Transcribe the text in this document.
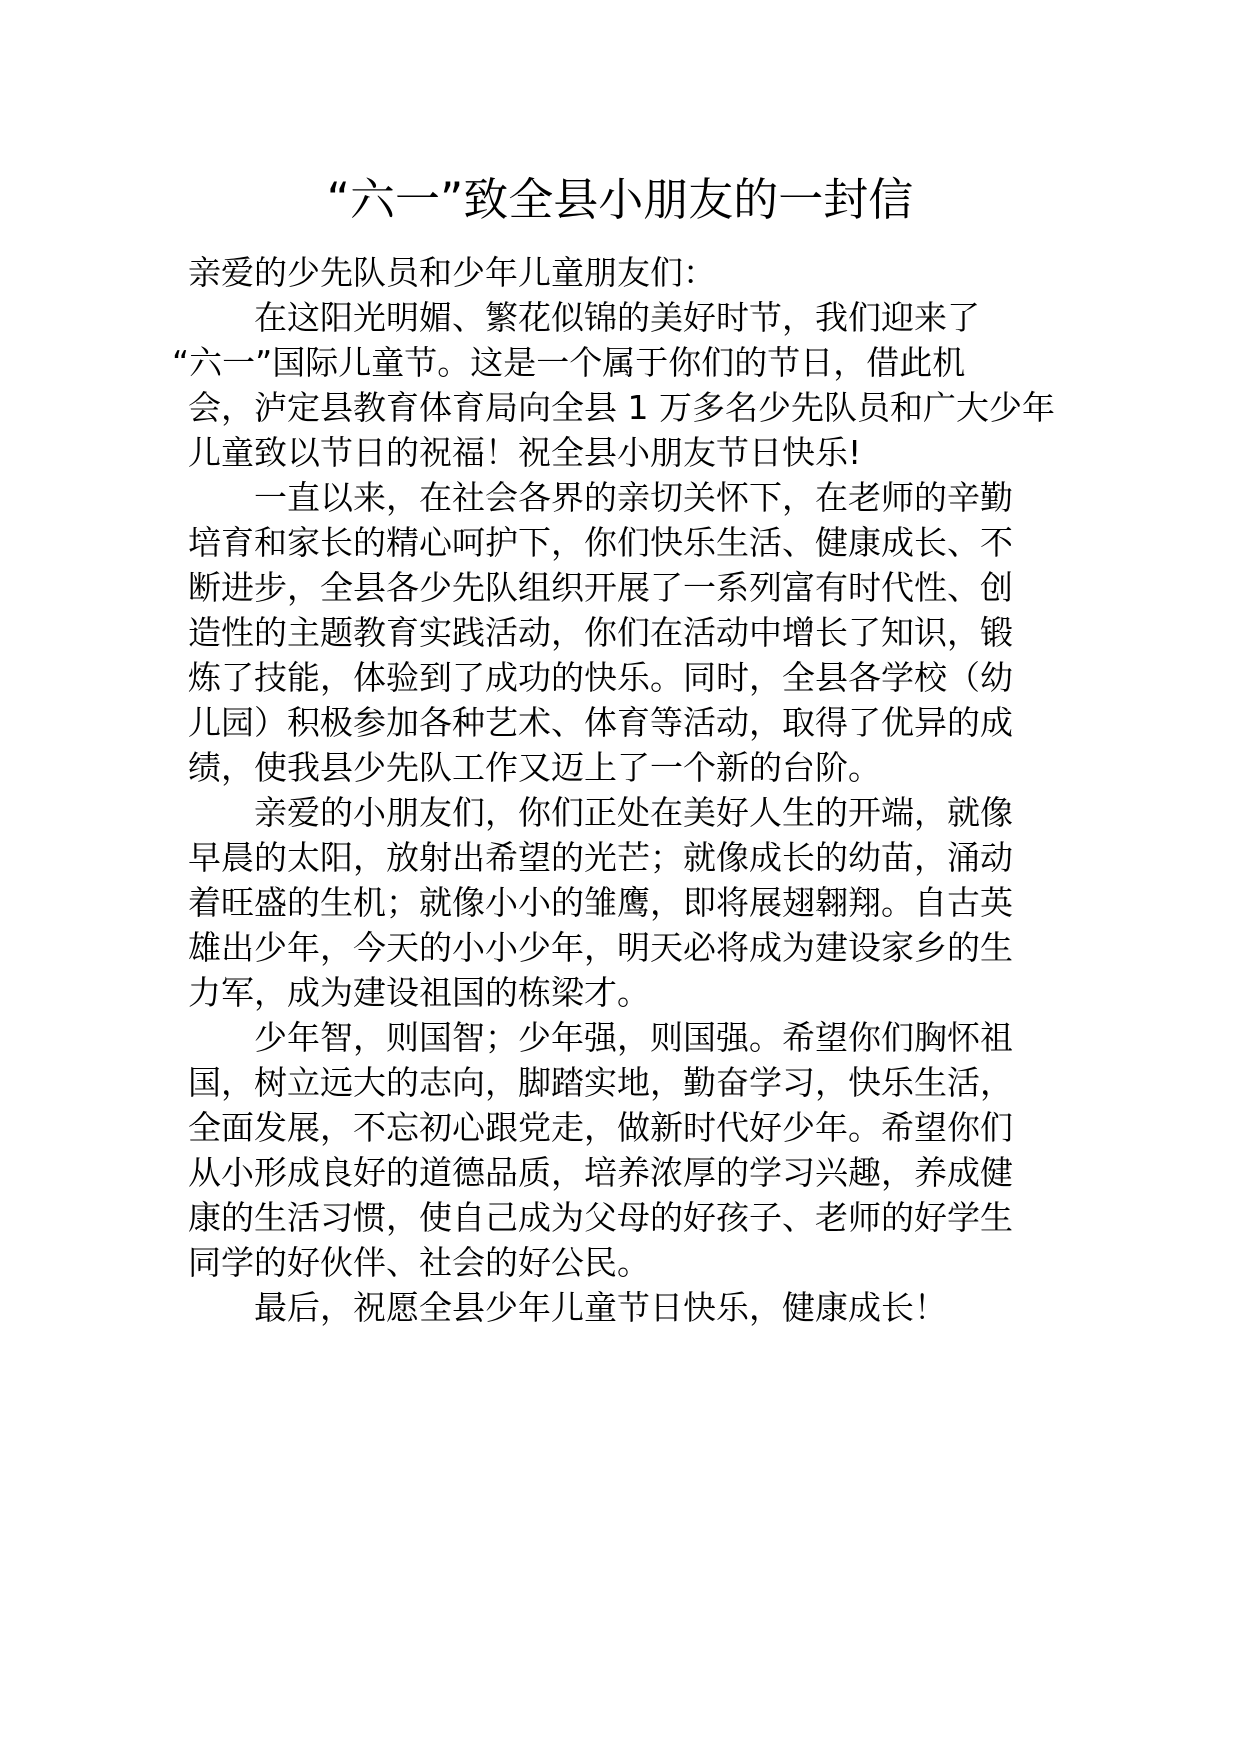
“六一”致全县小朋友的一封信

亲爱的少先队员和少年儿童朋友们：

在这阳光明媚、繁花似锦的美好时节，我们迎来了

“六一”国际儿童节。这是一个属于你们的节日，借此机

会，泸定县教育体育局向全县 1 万多名少先队员和广大少年

儿童致以节日的祝福！祝全县小朋友节日快乐!

一直以来，在社会各界的亲切关怀下，在老师的辛勤

培育和家长的精心呵护下，你们快乐生活、健康成长、不

断进步，全县各少先队组织开展了一系列富有时代性、创

造性的主题教育实践活动，你们在活动中增长了知识，锻

炼了技能，体验到了成功的快乐。同时，全县各学校（幼

儿园）积极参加各种艺术、体育等活动，取得了优异的成

绩，使我县少先队工作又迈上了一个新的台阶。

亲爱的小朋友们，你们正处在美好人生的开端，就像

早晨的太阳，放射出希望的光芒；就像成长的幼苗，涌动

着旺盛的生机；就像小小的雏鹰，即将展翅翱翔。自古英

雄出少年，今天的小小少年，明天必将成为建设家乡的生

力军，成为建设祖国的栋梁才。

少年智，则国智；少年强，则国强。希望你们胸怀祖

国，树立远大的志向，脚踏实地，勤奋学习，快乐生活，

全面发展，不忘初心跟党走，做新时代好少年。希望你们

从小形成良好的道德品质，培养浓厚的学习兴趣，养成健

康的生活习惯，使自己成为父母的好孩子、老师的好学生

同学的好伙伴、社会的好公民。

最后，祝愿全县少年儿童节日快乐，健康成长！
